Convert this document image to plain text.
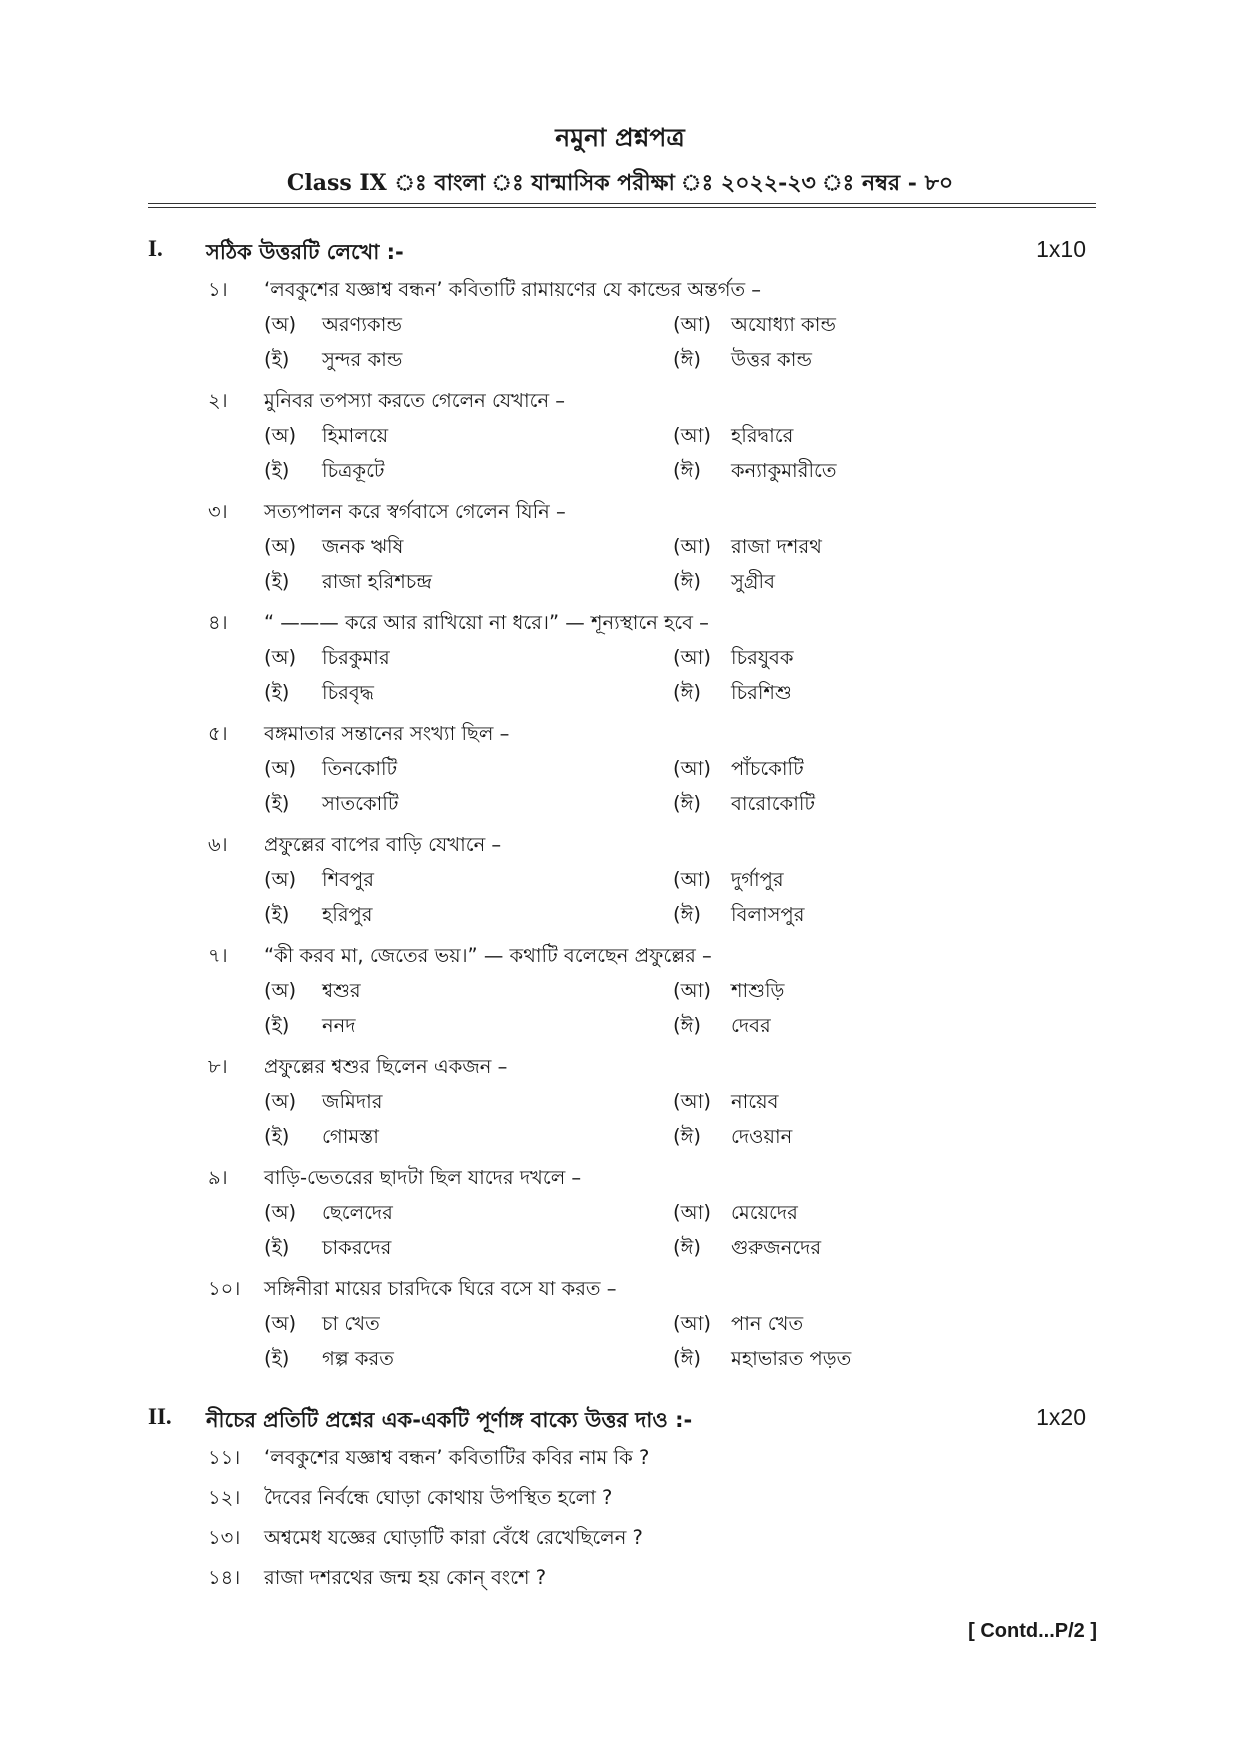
নমুনা প্রশ্নপত্র
Class IX ঃ বাংলা ঃ যান্মাসিক পরীক্ষা ঃ ২০২২-২৩ ঃ নম্বর - ৮০
I. সঠিক উত্তরটি লেখো :-	1x10
১। ‘লবকুশের যজ্ঞাশ্ব বন্ধন’ কবিতাটি রামায়ণের যে কান্ডের অন্তর্গত –
(অ) অরণ্যকান্ড	(আ) অযোধ্যা কান্ড
(ই) সুন্দর কান্ড	(ঈ) উত্তর কান্ড
২। মুনিবর তপস্যা করতে গেলেন যেখানে –
(অ) হিমালয়ে	(আ) হরিদ্বারে
(ই) চিত্রকূটে	(ঈ) কন্যাকুমারীতে
৩। সত্যপালন করে স্বর্গবাসে গেলেন যিনি –
(অ) জনক ঋষি	(আ) রাজা দশরথ
(ই) রাজা হরিশচন্দ্র	(ঈ) সুগ্রীব
৪। “ ——— করে আর রাখিয়ো না ধরে।” — শূন্যস্থানে হবে –
(অ) চিরকুমার	(আ) চিরযুবক
(ই) চিরবৃদ্ধ	(ঈ) চিরশিশু
৫। বঙ্গমাতার সন্তানের সংখ্যা ছিল –
(অ) তিনকোটি	(আ) পাঁচকোটি
(ই) সাতকোটি	(ঈ) বারোকোটি
৬। প্রফুল্লের বাপের বাড়ি যেখানে –
(অ) শিবপুর	(আ) দুর্গাপুর
(ই) হরিপুর	(ঈ) বিলাসপুর
৭। “কী করব মা, জেতের ভয়।” — কথাটি বলেছেন প্রফুল্লের –
(অ) শ্বশুর	(আ) শাশুড়ি
(ই) ননদ	(ঈ) দেবর
৮। প্রফুল্লের শ্বশুর ছিলেন একজন –
(অ) জমিদার	(আ) নায়েব
(ই) গোমস্তা	(ঈ) দেওয়ান
৯। বাড়ি-ভেতরের ছাদটা ছিল যাদের দখলে –
(অ) ছেলেদের	(আ) মেয়েদের
(ই) চাকরদের	(ঈ) গুরুজনদের
১০। সঙ্গিনীরা মায়ের চারদিকে ঘিরে বসে যা করত –
(অ) চা খেত	(আ) পান খেত
(ই) গল্প করত	(ঈ) মহাভারত পড়ত
II. নীচের প্রতিটি প্রশ্নের এক-একটি পূর্ণাঙ্গ বাক্যে উত্তর দাও :-	1x20
১১। ‘লবকুশের যজ্ঞাশ্ব বন্ধন’ কবিতাটির কবির নাম কি ?
১২। দৈবের নির্বন্ধে ঘোড়া কোথায় উপস্থিত হলো ?
১৩। অশ্বমেধ যজ্ঞের ঘোড়াটি কারা বেঁধে রেখেছিলেন ?
১৪। রাজা দশরথের জন্ম হয় কোন্ বংশে ?
[ Contd...P/2 ]
